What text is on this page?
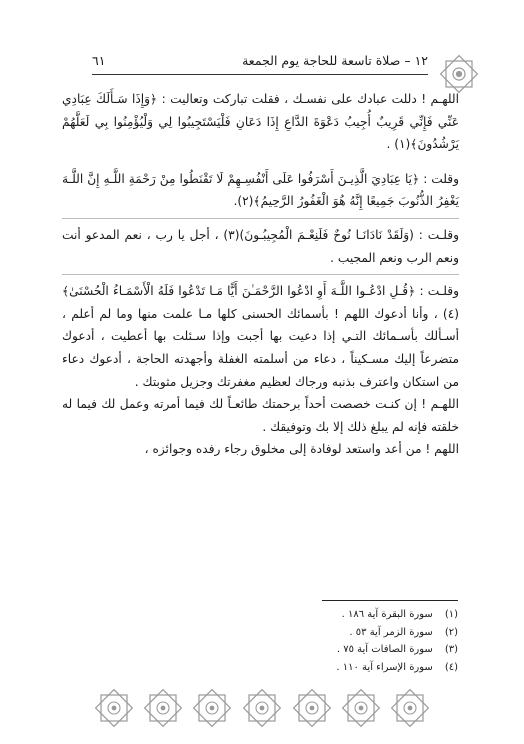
١٢ – صلاة تاسعة للحاجة يوم الجمعة
٦١

اللهـم ! دللت عبادك على نفسـك ، فقلت تباركت وتعاليت : ﴿وَإِذَا سَـأَلَكَ عِبَادِي عَنِّي فَإِنِّي قَرِيبٌ أُجِيبُ دَعْوَةَ الدَّاعِ إِذَا دَعَانِ فَلْيَسْتَجِيبُوا لِي وَلْيُؤْمِنُوا بِي لَعَلَّهُمْ يَرْشُدُونَ﴾(١) .

وقلت : ﴿يَا عِبَادِيَ الَّذِيـنَ أَسْرَفُوا عَلَى أَنْفُسِـهِمْ لَا تَقْنَطُوا مِنْ رَحْمَةِ اللَّـهِ إِنَّ اللَّـهَ يَغْفِرُ الذُّنُوبَ جَمِيعًا إِنَّهُ هُوَ الْغَفُورُ الرَّحِيمُ﴾(٢).

وقلـت : (وَلَقَدْ نَادَانَـا نُوحٌ فَلَنِعْـمَ الْمُجِيبُـونَ)(٣) ، أجل يا رب ، نعم المدعو أنت ونعم الرب ونعم المجيب .

وقلـت : ﴿قُـلِ ادْعُـوا اللَّـهَ أَوِ ادْعُوا الرَّحْمَـٰنَ أَيًّا مَـا تَدْعُوا فَلَهُ الْأَسْمَـاءُ الْحُسْنَىٰ﴾(٤) ، وأنا أدعوك اللهم ! بأسمائك الحسنى كلها مـا علمت منها وما لم أعلم ، أسـألك بأسـمائك التـي إذا دعيت بها أجبت وإذا سـئلت بها أعطيت ، أدعوك متضرعاً إليك مسـكيناً ، دعاء من أسلمته الغفلة وأجهدته الحاجة ، أدعوك دعاء من استكان واعترف بذنبه ورجاك لعظيم مغفرتك وجزيل مثوبتك .

اللهـم ! إن كنـت خصصت أحداً برحمتك طائعـاً لك فيما أمرته وعمل لك فيما له خلقته فإنه لم يبلغ ذلك إلا بك وتوفيقك .

اللهم ! من أعد واستعد لوفادة إلى مخلوق رجاء رفده وجوائزه ،

(١) سورة البقرة آية ١٨٦ .

(٢) سورة الزمر آية ٥٣ .

(٣) سورة الصافات آية ٧٥ .

(٤) سورة الإسراء آية ١١٠ .
